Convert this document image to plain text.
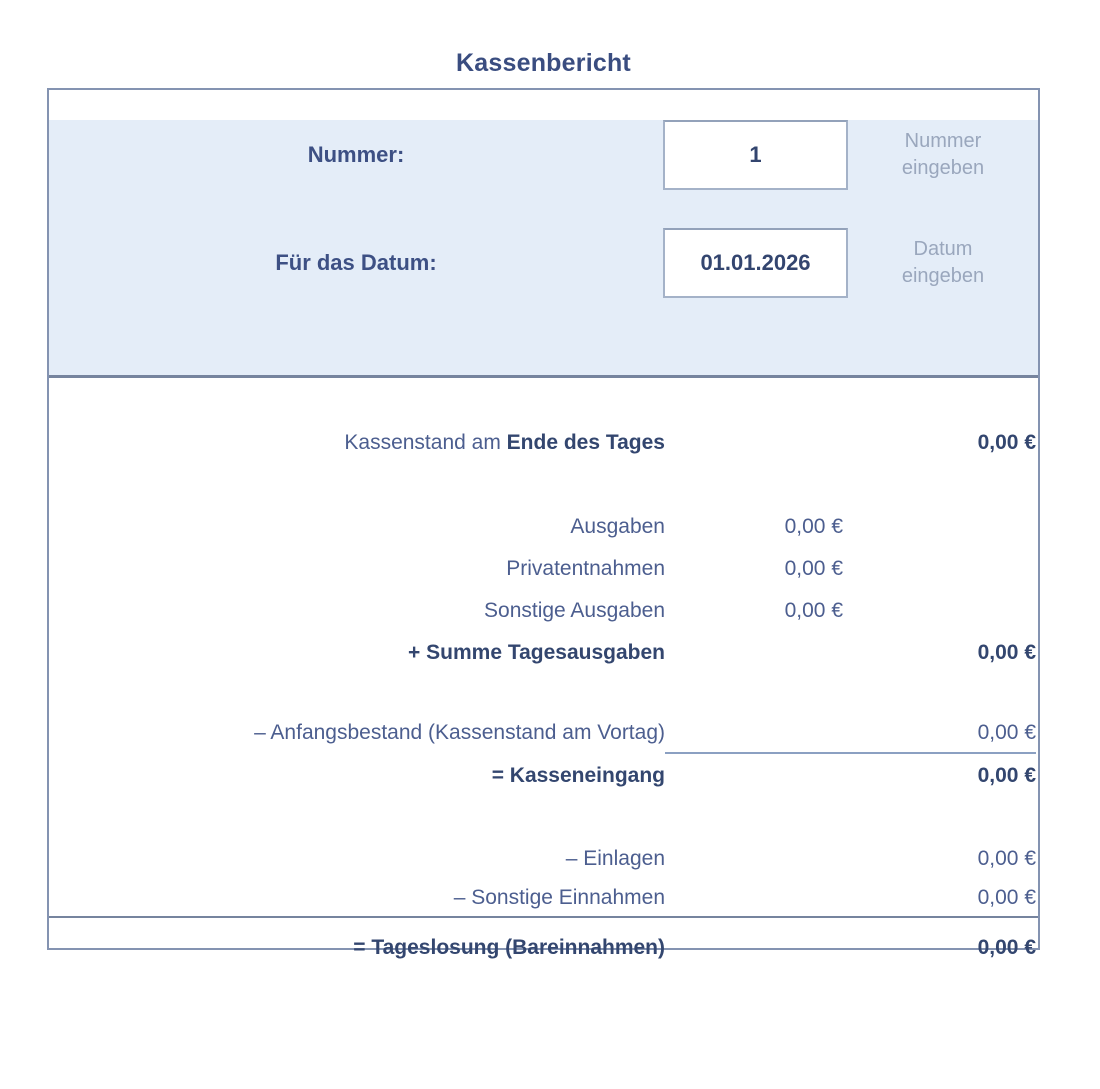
Kassenbericht
Nummer:	1
Nummer
eingeben
Für das Datum:	01.01.2026
Datum
eingeben
Kassenstand am Ende des Tages	0,00 €
Ausgaben	0,00 €
Privatentnahmen	0,00 €
Sonstige Ausgaben	0,00 €
+ Summe Tagesausgaben	0,00 €
– Anfangsbestand (Kassenstand am Vortag)	0,00 €
= Kasseneingang	0,00 €
– Einlagen	0,00 €
– Sonstige Einnahmen	0,00 €
= Tageslosung (Bareinnahmen)	0,00 €
